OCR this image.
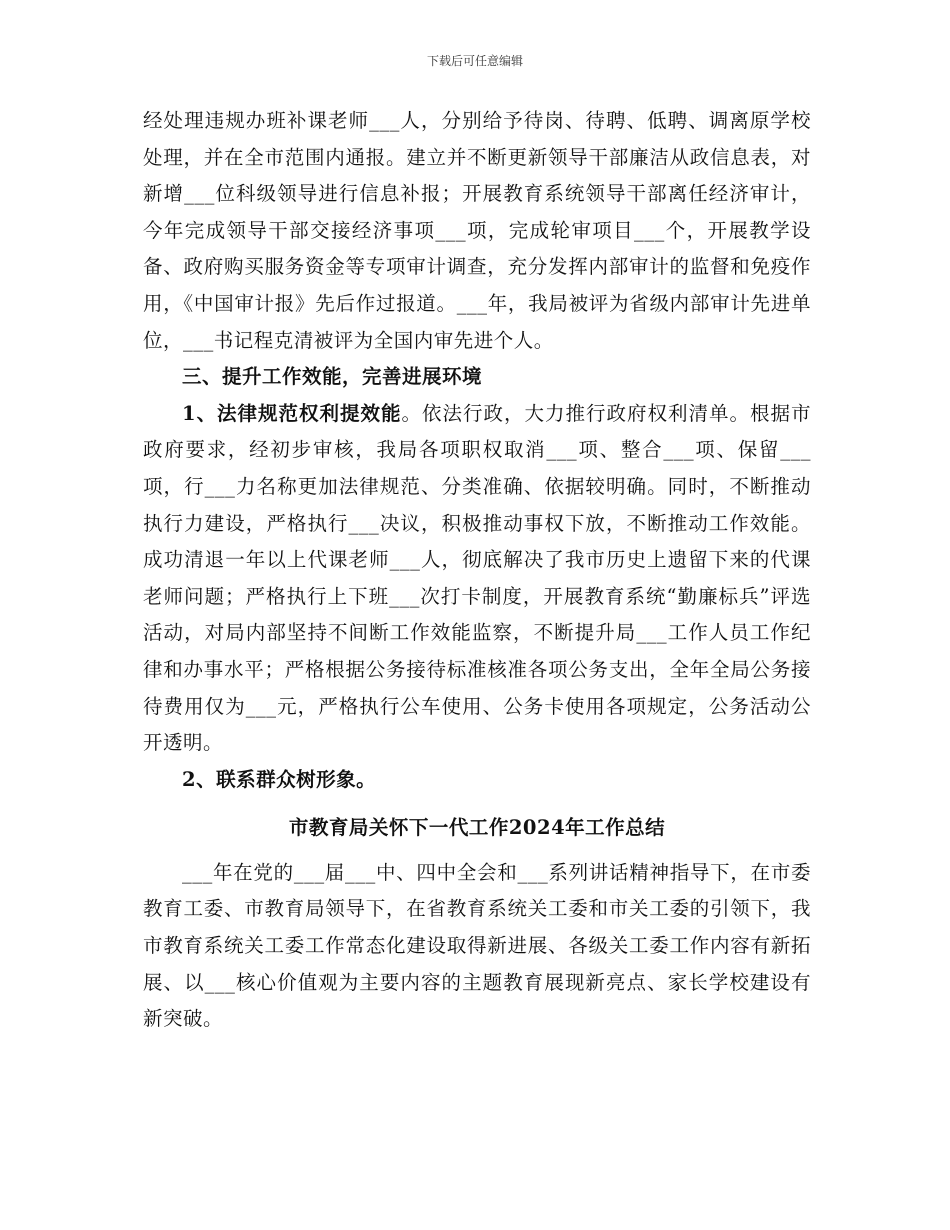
下载后可任意编辑

经处理违规办班补课老师___人，分别给予待岗、待聘、低聘、调离原学校处理，并在全市范围内通报。建立并不断更新领导干部廉洁从政信息表，对新增___位科级领导进行信息补报；开展教育系统领导干部离任经济审计，今年完成领导干部交接经济事项___项，完成轮审项目___个，开展教学设备、政府购买服务资金等专项审计调查，充分发挥内部审计的监督和免疫作用，《中国审计报》先后作过报道。___年，我局被评为省级内部审计先进单位，___书记程克清被评为全国内审先进个人。

三、提升工作效能，完善进展环境

1、法律规范权利提效能。依法行政，大力推行政府权利清单。根据市政府要求，经初步审核，我局各项职权取消___项、整合___项、保留___项，行___力名称更加法律规范、分类准确、依据较明确。同时，不断推动执行力建设，严格执行___决议，积极推动事权下放，不断推动工作效能。成功清退一年以上代课老师___人，彻底解决了我市历史上遗留下来的代课老师问题；严格执行上下班___次打卡制度，开展教育系统“勤廉标兵”评选活动，对局内部坚持不间断工作效能监察，不断提升局___工作人员工作纪律和办事水平；严格根据公务接待标准核准各项公务支出，全年全局公务接待费用仅为___元，严格执行公车使用、公务卡使用各项规定，公务活动公开透明。

2、联系群众树形象。

市教育局关怀下一代工作2024年工作总结

___年在党的___届___中、四中全会和___系列讲话精神指导下，在市委教育工委、市教育局领导下，在省教育系统关工委和市关工委的引领下，我市教育系统关工委工作常态化建设取得新进展、各级关工委工作内容有新拓展、以___核心价值观为主要内容的主题教育展现新亮点、家长学校建设有新突破。
